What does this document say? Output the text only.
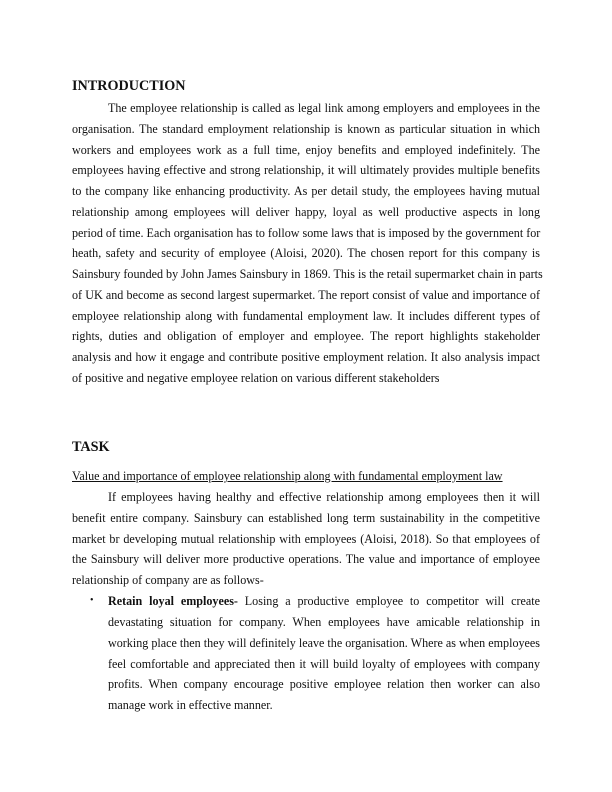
INTRODUCTION
The employee relationship is called as legal link among employers and employees in the
organisation. The standard employment relationship is known as particular situation in which
workers and employees work as a full time, enjoy benefits and employed indefinitely. The
employees having effective and strong relationship, it will ultimately provides multiple benefits
to the company like enhancing productivity. As per detail study, the employees having mutual
relationship among employees will deliver happy, loyal as well productive aspects in long
period of time. Each organisation has to follow some laws that is imposed by the government for
heath, safety and security of employee (Aloisi, 2020). The chosen report for this company is
Sainsbury founded by John James Sainsbury in 1869. This is the retail supermarket chain in parts
of UK and become as second largest supermarket. The report consist of value and importance of
employee relationship along with fundamental employment law. It includes different types of
rights, duties and obligation of employer and employee. The report highlights stakeholder
analysis and how it engage and contribute positive employment relation. It also analysis impact
of positive and negative employee relation on various different stakeholders
TASK
Value and importance of employee relationship along with fundamental employment law
If employees having healthy and effective relationship among employees then it will
benefit entire company. Sainsbury can established long term sustainability in the competitive
market br developing mutual relationship with employees (Aloisi, 2018). So that employees of
the Sainsbury will deliver more productive operations. The value and importance of employee
relationship of company are as follows-
• Retain loyal employees- Losing a productive employee to competitor will create
devastating situation for company. When employees have amicable relationship in
working place then they will definitely leave the organisation. Where as when employees
feel comfortable and appreciated then it will build loyalty of employees with company
profits. When company encourage positive employee relation then worker can also
manage work in effective manner.
